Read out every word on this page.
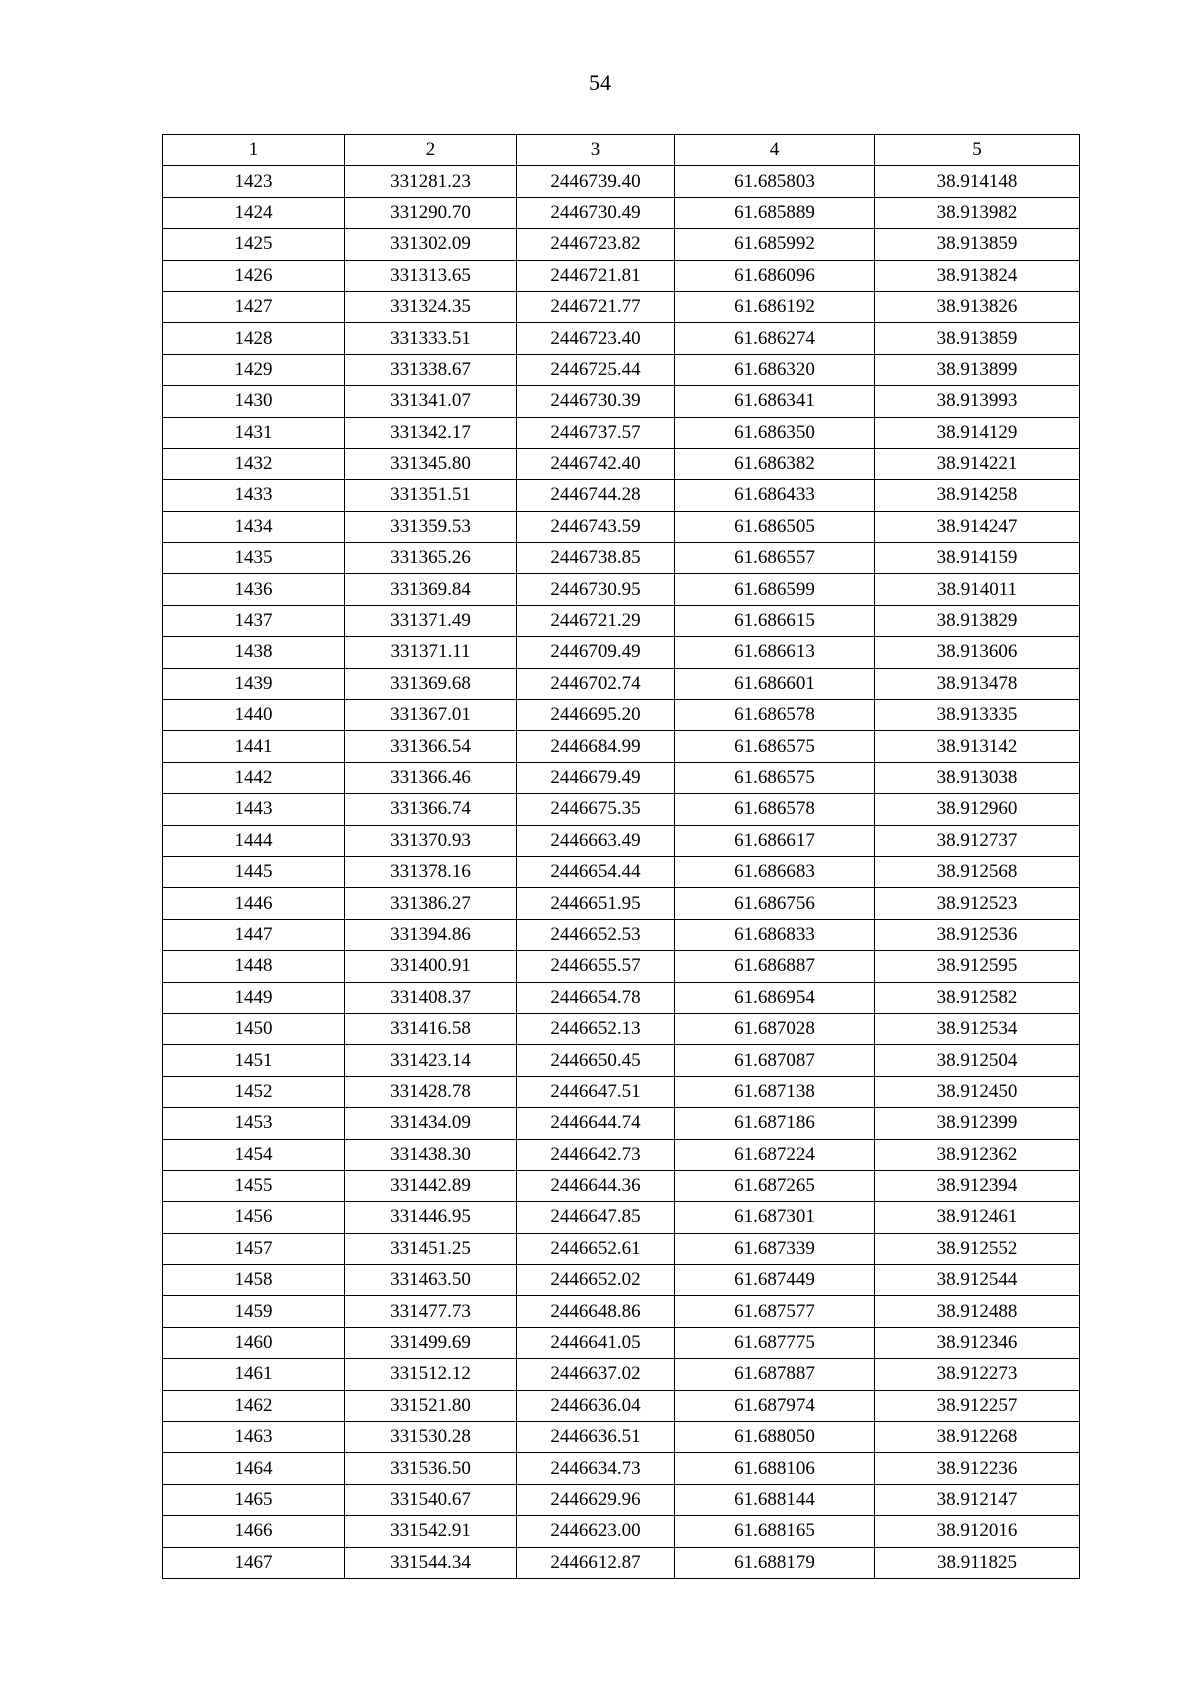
54
1	2	3	4	5
1423	331281.23	2446739.40	61.685803	38.914148
1424	331290.70	2446730.49	61.685889	38.913982
1425	331302.09	2446723.82	61.685992	38.913859
1426	331313.65	2446721.81	61.686096	38.913824
1427	331324.35	2446721.77	61.686192	38.913826
1428	331333.51	2446723.40	61.686274	38.913859
1429	331338.67	2446725.44	61.686320	38.913899
1430	331341.07	2446730.39	61.686341	38.913993
1431	331342.17	2446737.57	61.686350	38.914129
1432	331345.80	2446742.40	61.686382	38.914221
1433	331351.51	2446744.28	61.686433	38.914258
1434	331359.53	2446743.59	61.686505	38.914247
1435	331365.26	2446738.85	61.686557	38.914159
1436	331369.84	2446730.95	61.686599	38.914011
1437	331371.49	2446721.29	61.686615	38.913829
1438	331371.11	2446709.49	61.686613	38.913606
1439	331369.68	2446702.74	61.686601	38.913478
1440	331367.01	2446695.20	61.686578	38.913335
1441	331366.54	2446684.99	61.686575	38.913142
1442	331366.46	2446679.49	61.686575	38.913038
1443	331366.74	2446675.35	61.686578	38.912960
1444	331370.93	2446663.49	61.686617	38.912737
1445	331378.16	2446654.44	61.686683	38.912568
1446	331386.27	2446651.95	61.686756	38.912523
1447	331394.86	2446652.53	61.686833	38.912536
1448	331400.91	2446655.57	61.686887	38.912595
1449	331408.37	2446654.78	61.686954	38.912582
1450	331416.58	2446652.13	61.687028	38.912534
1451	331423.14	2446650.45	61.687087	38.912504
1452	331428.78	2446647.51	61.687138	38.912450
1453	331434.09	2446644.74	61.687186	38.912399
1454	331438.30	2446642.73	61.687224	38.912362
1455	331442.89	2446644.36	61.687265	38.912394
1456	331446.95	2446647.85	61.687301	38.912461
1457	331451.25	2446652.61	61.687339	38.912552
1458	331463.50	2446652.02	61.687449	38.912544
1459	331477.73	2446648.86	61.687577	38.912488
1460	331499.69	2446641.05	61.687775	38.912346
1461	331512.12	2446637.02	61.687887	38.912273
1462	331521.80	2446636.04	61.687974	38.912257
1463	331530.28	2446636.51	61.688050	38.912268
1464	331536.50	2446634.73	61.688106	38.912236
1465	331540.67	2446629.96	61.688144	38.912147
1466	331542.91	2446623.00	61.688165	38.912016
1467	331544.34	2446612.87	61.688179	38.911825
